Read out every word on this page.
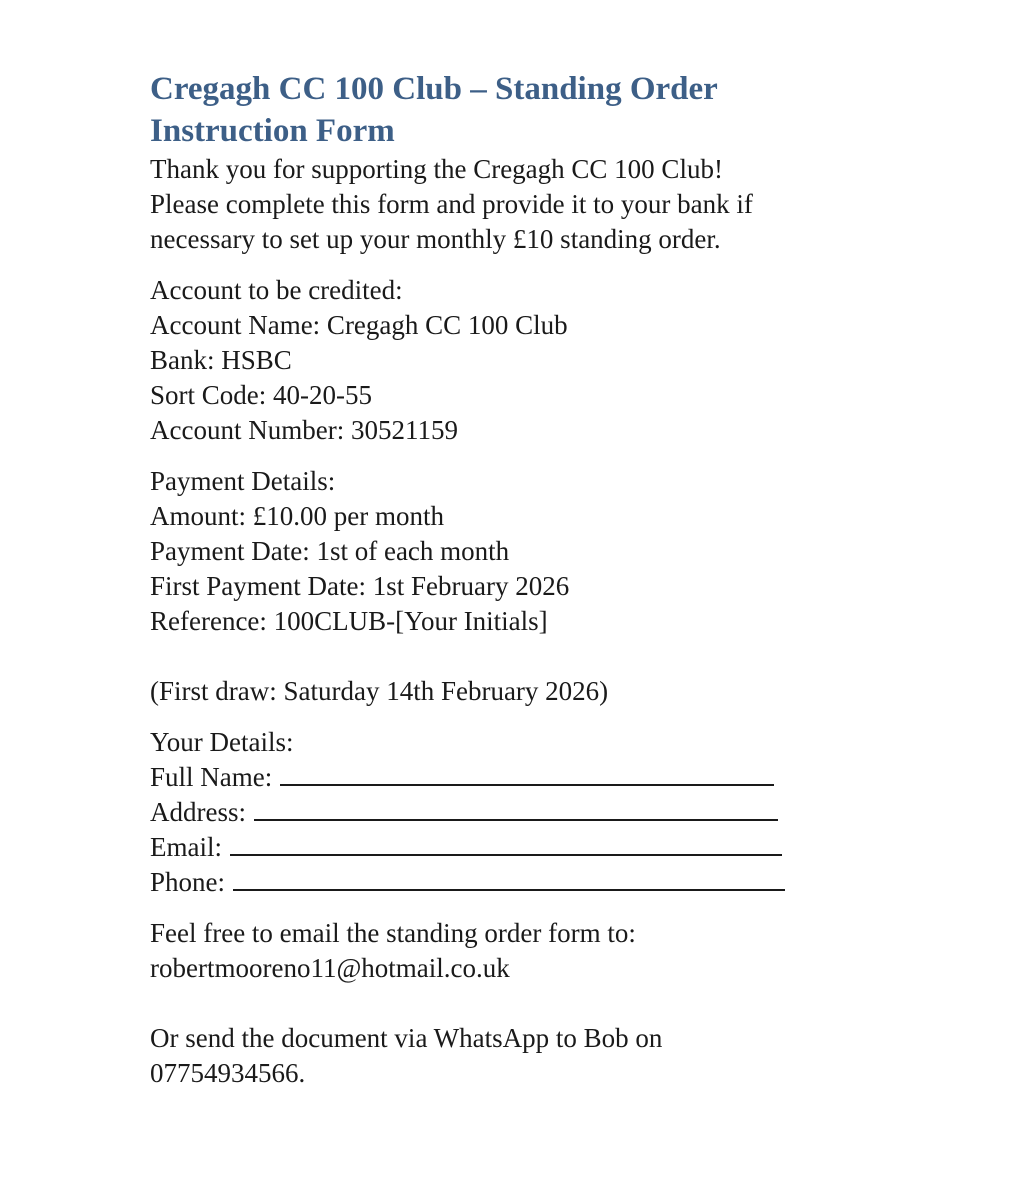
Cregagh CC 100 Club – Standing Order
Instruction Form

Thank you for supporting the Cregagh CC 100 Club!
Please complete this form and provide it to your bank if
necessary to set up your monthly £10 standing order.

Account to be credited:
Account Name: Cregagh CC 100 Club
Bank: HSBC
Sort Code: 40-20-55
Account Number: 30521159

Payment Details:
Amount: £10.00 per month
Payment Date: 1st of each month
First Payment Date: 1st February 2026
Reference: 100CLUB-[Your Initials]

(First draw: Saturday 14th February 2026)

Your Details:
Full Name:
Address:
Email:
Phone:

Feel free to email the standing order form to:
robertmooreno11@hotmail.co.uk

Or send the document via WhatsApp to Bob on
07754934566.
